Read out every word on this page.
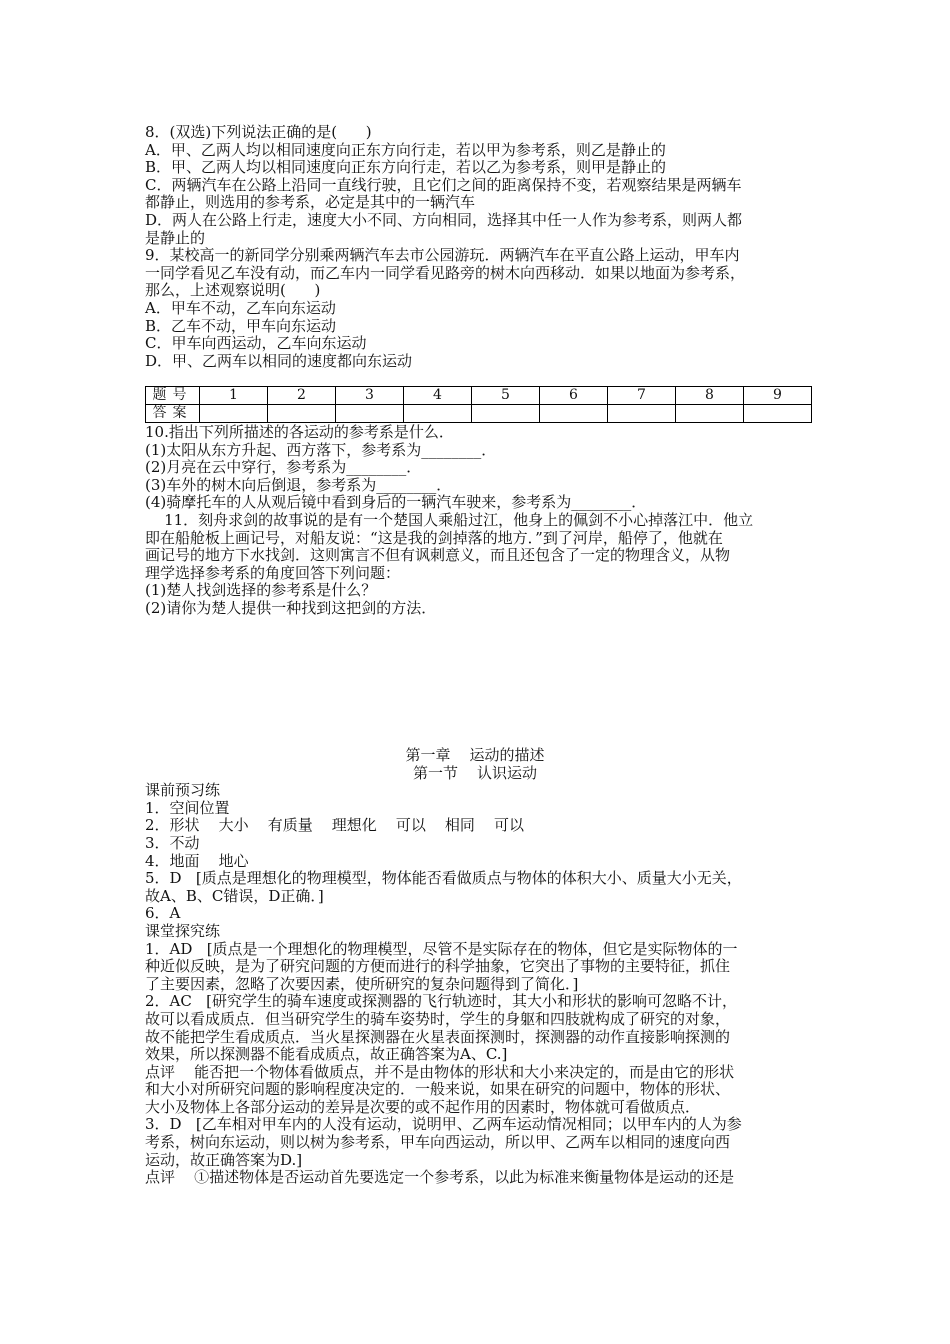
8．(双选)下列说法正确的是(      )
A．甲、乙两人均以相同速度向正东方向行走，若以甲为参考系，则乙是静止的
B．甲、乙两人均以相同速度向正东方向行走，若以乙为参考系，则甲是静止的
C．两辆汽车在公路上沿同一直线行驶，且它们之间的距离保持不变，若观察结果是两辆车
都静止，则选用的参考系，必定是其中的一辆汽车
D．两人在公路上行走，速度大小不同、方向相同，选择其中任一人作为参考系，则两人都
是静止的
9．某校高一的新同学分别乘两辆汽车去市公园游玩．两辆汽车在平直公路上运动，甲车内
一同学看见乙车没有动，而乙车内一同学看见路旁的树木向西移动．如果以地面为参考系，
那么，上述观察说明(      )
A．甲车不动，乙车向东运动
B．乙车不动，甲车向东运动
C．甲车向西运动，乙车向东运动
D．甲、乙两车以相同的速度都向东运动
题号	1	2	3	4	5	6	7	8	9
答案									
10.指出下列所描述的各运动的参考系是什么．
(1)太阳从东方升起、西方落下，参考系为________．
(2)月亮在云中穿行，参考系为________．
(3)车外的树木向后倒退，参考系为________．
(4)骑摩托车的人从观后镜中看到身后的一辆汽车驶来，参考系为________．
11．刻舟求剑的故事说的是有一个楚国人乘船过江，他身上的佩剑不小心掉落江中．他立
即在船舱板上画记号，对船友说：“这是我的剑掉落的地方．”到了河岸，船停了，他就在
画记号的地方下水找剑．这则寓言不但有讽刺意义，而且还包含了一定的物理含义，从物
理学选择参考系的角度回答下列问题：
(1)楚人找剑选择的参考系是什么？
(2)请你为楚人提供一种找到这把剑的方法．
第一章    运动的描述
第一节    认识运动
课前预习练
1．空间位置
2．形状    大小    有质量    理想化    可以    相同    可以
3．不动
4．地面    地心
5．D   [质点是理想化的物理模型，物体能否看做质点与物体的体积大小、质量大小无关，
故A、B、C错误，D正确．]
6．A
课堂探究练
1．AD   [质点是一个理想化的物理模型，尽管不是实际存在的物体，但它是实际物体的一
种近似反映，是为了研究问题的方便而进行的科学抽象，它突出了事物的主要特征，抓住
了主要因素，忽略了次要因素，使所研究的复杂问题得到了简化．]
2．AC   [研究学生的骑车速度或探测器的飞行轨迹时，其大小和形状的影响可忽略不计，
故可以看成质点．但当研究学生的骑车姿势时，学生的身躯和四肢就构成了研究的对象，
故不能把学生看成质点．当火星探测器在火星表面探测时，探测器的动作直接影响探测的
效果，所以探测器不能看成质点，故正确答案为A、C.]
点评    能否把一个物体看做质点，并不是由物体的形状和大小来决定的，而是由它的形状
和大小对所研究问题的影响程度决定的．一般来说，如果在研究的问题中，物体的形状、
大小及物体上各部分运动的差异是次要的或不起作用的因素时，物体就可看做质点．
3．D   [乙车相对甲车内的人没有运动，说明甲、乙两车运动情况相同；以甲车内的人为参
考系，树向东运动，则以树为参考系，甲车向西运动，所以甲、乙两车以相同的速度向西
运动，故正确答案为D.]
点评    ①描述物体是否运动首先要选定一个参考系，以此为标准来衡量物体是运动的还是
